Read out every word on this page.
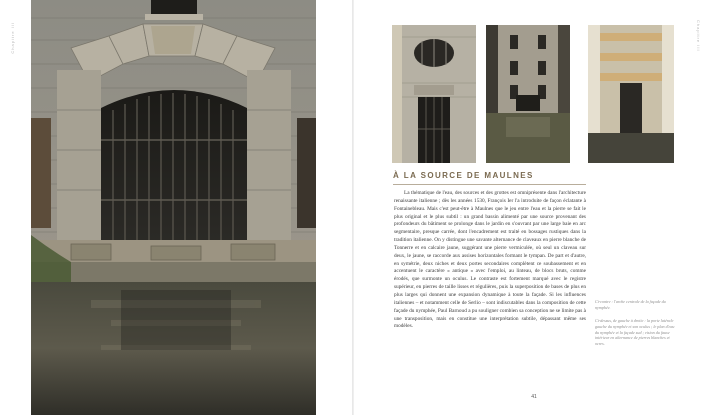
Chapitre III	Chapitre III
À LA SOURCE DE MAULNES

La thématique de l'eau, des sources et des grottes est omniprésente dans l'architecture renaissante italienne ; dès les années 1530, François Ier l'a introduite de façon éclatante à Fontainebleau. Mais c'est peut-être à Maulnes que le jeu entre l'eau et la pierre se fait le plus original et le plus subtil : un grand bassin alimenté par une source provenant des profondeurs du bâtiment se prolonge dans le jardin en s'ouvrant par une large baie en arc segmentaire, presque carrée, dont l'encadrement est traité en bossages rustiques dans la tradition italienne. On y distingue une savante alternance de claveaux en pierre blanche de Tonnerre et en calcaire jaune, suggérant une pierre vermiculée, où seul un claveau sur deux, le jaune, se raccorde aux assises horizontales formant le tympan. De part et d'autre, en symétrie, deux niches et deux portes secondaires complètent ce soubassement et en accentuent le caractère « antique » avec l'emploi, au linteau, de blocs bruts, comme érodés, que surmonte un oculus. Le contraste est fortement marqué avec le registre supérieur, en pierres de taille lisses et régulières, puis la superposition de bases de plus en plus larges qui donnent une expansion dynamique à toute la façade. Si les influences italiennes – et notamment celle de Serlio – sont indiscutables dans la composition de cette façade du nymphée, Paul Barnoud a pu souligner combien sa conception ne se limite pas à une transposition, mais en constitue une interprétation subtile, dépassant même ses modèles.

Ci-contre : l'arche centrale de la façade du nymphée.

Ci-dessus, de gauche à droite : la porte latérale gauche du nymphée et son oculus ; le plan d'eau du nymphée et la façade sud ; vision du fauxe intérieur en alternance de pierres blanches et ocres.

41
